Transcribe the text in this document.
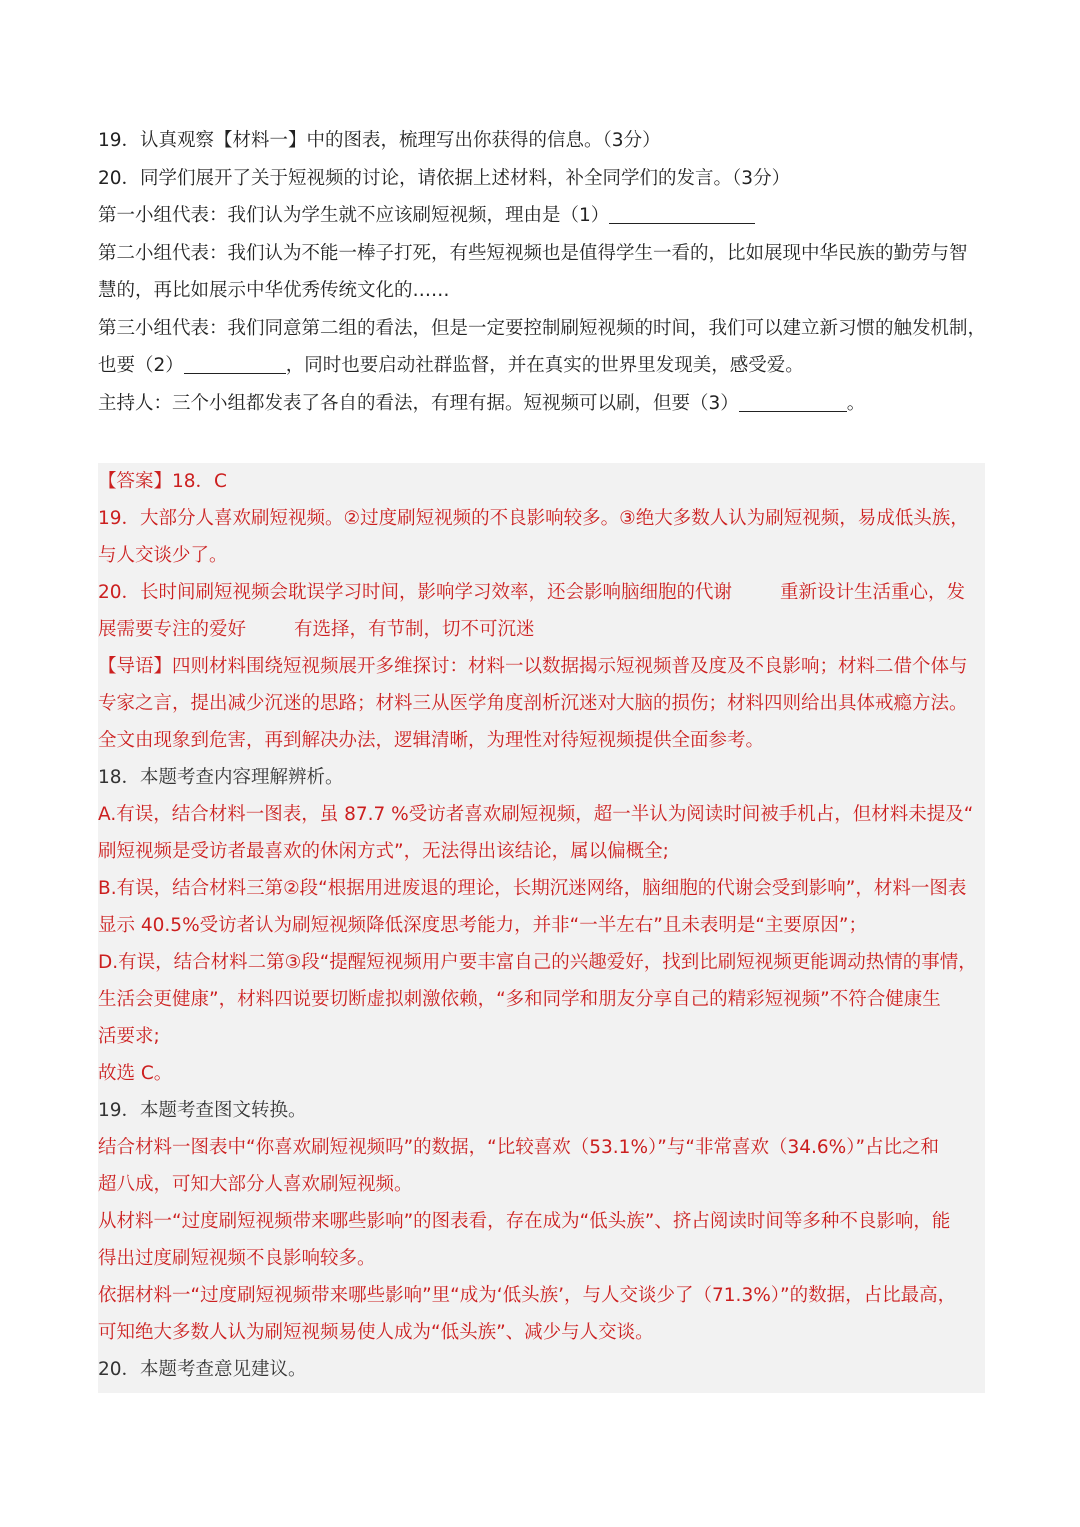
19．认真观察【材料一】中的图表，梳理写出你获得的信息。（3分）
20．同学们展开了关于短视频的讨论，请依据上述材料，补全同学们的发言。（3分）
第一小组代表：我们认为学生就不应该刷短视频，理由是（1）
第二小组代表：我们认为不能一棒子打死，有些短视频也是值得学生一看的，比如展现中华民族的勤劳与智
慧的，再比如展示中华优秀传统文化的……
第三小组代表：我们同意第二组的看法，但是一定要控制刷短视频的时间，我们可以建立新习惯的触发机制，
也要（2）	，同时也要启动社群监督，并在真实的世界里发现美，感受爱。
主持人：三个小组都发表了各自的看法，有理有据。短视频可以刷，但要（3）	。
【答案】18．C
19．大部分人喜欢刷短视频。②过度刷短视频的不良影响较多。③绝大多数人认为刷短视频，易成低头族，
与人交谈少了。
20．长时间刷短视频会耽误学习时间，影响学习效率，还会影响脑细胞的代谢	重新设计生活重心，发
展需要专注的爱好	有选择，有节制，切不可沉迷
【导语】四则材料围绕短视频展开多维探讨：材料一以数据揭示短视频普及度及不良影响；材料二借个体与
专家之言，提出减少沉迷的思路；材料三从医学角度剖析沉迷对大脑的损伤；材料四则给出具体戒瘾方法。
全文由现象到危害，再到解决办法，逻辑清晰，为理性对待短视频提供全面参考。
18．本题考查内容理解辨析。
A.有误，结合材料一图表，虽 87.7 %受访者喜欢刷短视频，超一半认为阅读时间被手机占，但材料未提及“
刷短视频是受访者最喜欢的休闲方式”，无法得出该结论，属以偏概全;
B.有误，结合材料三第②段“根据用进废退的理论，长期沉迷网络，脑细胞的代谢会受到影响”，材料一图表
显示 40.5%受访者认为刷短视频降低深度思考能力，并非“一半左右”且未表明是“主要原因”；
D.有误，结合材料二第③段“提醒短视频用户要丰富自己的兴趣爱好，找到比刷短视频更能调动热情的事情，
生活会更健康”，材料四说要切断虚拟刺激依赖，“多和同学和朋友分享自己的精彩短视频”不符合健康生
活要求;
故选 C。
19．本题考查图文转换。
结合材料一图表中“你喜欢刷短视频吗”的数据，“比较喜欢（53.1%）”与“非常喜欢（34.6%）”占比之和
超八成，可知大部分人喜欢刷短视频。
从材料一“过度刷短视频带来哪些影响”的图表看，存在成为“低头族”、挤占阅读时间等多种不良影响，能
得出过度刷短视频不良影响较多。
依据材料一“过度刷短视频带来哪些影响”里“成为‘低头族’，与人交谈少了（71.3%）”的数据，占比最高，
可知绝大多数人认为刷短视频易使人成为“低头族”、减少与人交谈。
20．本题考查意见建议。
